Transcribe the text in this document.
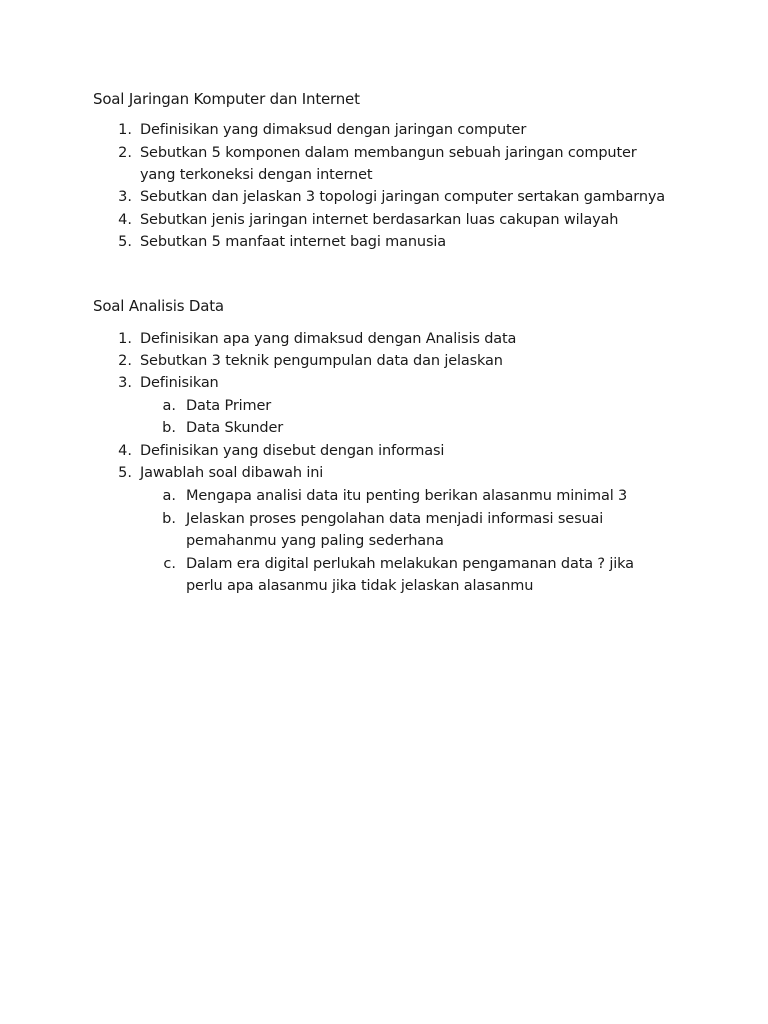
Soal Jaringan Komputer dan Internet
1. Definisikan yang dimaksud dengan jaringan computer
2. Sebutkan 5 komponen dalam membangun sebuah jaringan computer
yang terkoneksi dengan internet
3. Sebutkan dan jelaskan 3 topologi jaringan computer sertakan gambarnya
4. Sebutkan jenis jaringan internet berdasarkan luas cakupan wilayah
5. Sebutkan 5 manfaat internet bagi manusia
Soal Analisis Data
1. Definisikan apa yang dimaksud dengan Analisis data
2. Sebutkan 3 teknik pengumpulan data dan jelaskan
3. Definisikan
a. Data Primer
b. Data Skunder
4. Definisikan yang disebut dengan informasi
5. Jawablah soal dibawah ini
a. Mengapa analisi data itu penting berikan alasanmu minimal 3
b. Jelaskan proses pengolahan data menjadi informasi sesuai
pemahanmu yang paling sederhana
c. Dalam era digital perlukah melakukan pengamanan data ? jika
perlu apa alasanmu jika tidak jelaskan alasanmu
